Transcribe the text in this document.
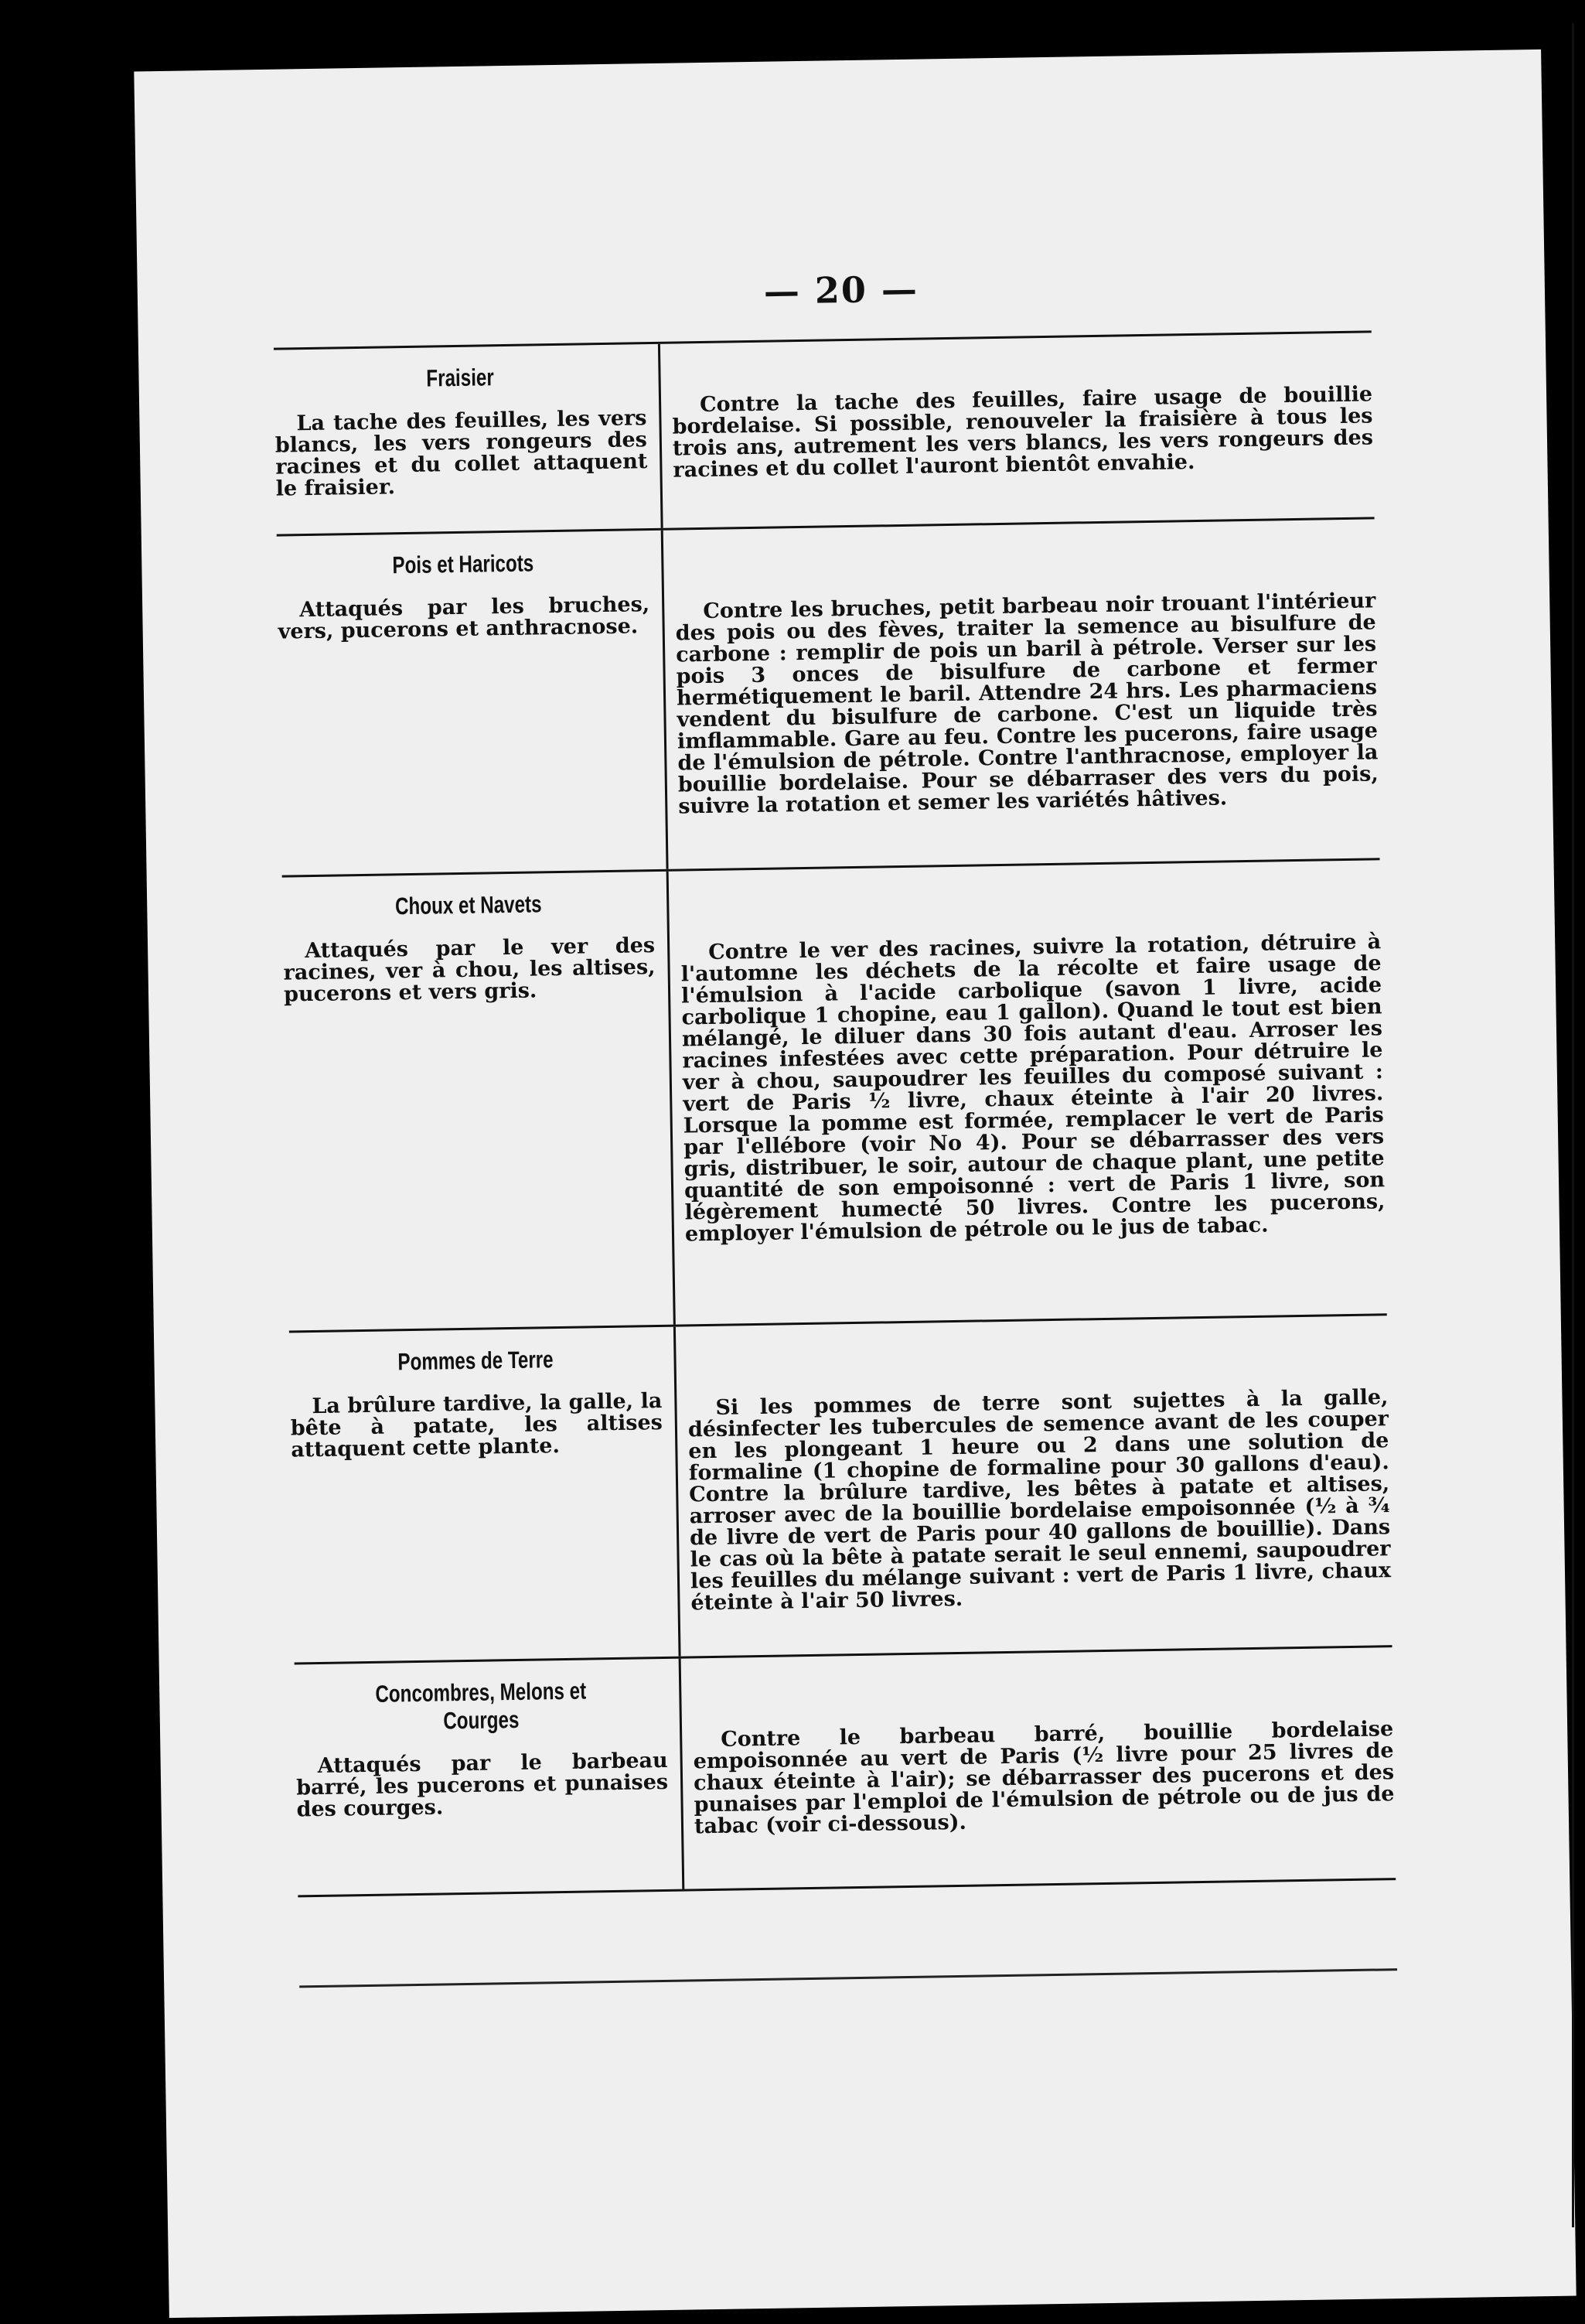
— 20 —
Fraisier
La tache des feuilles, les vers blancs, les vers rongeurs des racines et du collet attaquent le fraisier.
Contre la tache des feuilles, faire usage de bouillie bordelaise. Si possible, renouveler la fraisière à tous les trois ans, autrement les vers blancs, les vers rongeurs des racines et du collet l'auront bientôt envahie.
Pois et Haricots
Attaqués par les bruches, vers, pucerons et anthracnose.
Contre les bruches, petit barbeau noir trouant l'intérieur des pois ou des fèves, traiter la semence au bisulfure de carbone : remplir de pois un baril à pétrole. Verser sur les pois 3 onces de bisulfure de carbone et fermer hermétiquement le baril. Attendre 24 hrs. Les pharmaciens vendent du bisulfure de carbone. C'est un liquide très imflammable. Gare au feu. Contre les pucerons, faire usage de l'émulsion de pétrole. Contre l'anthracnose, employer la bouillie bordelaise. Pour se débarraser des vers du pois, suivre la rotation et semer les variétés hâtives.
Choux et Navets
Attaqués par le ver des racines, ver à chou, les altises, pucerons et vers gris.
Contre le ver des racines, suivre la rotation, détruire à l'automne les déchets de la récolte et faire usage de l'émulsion à l'acide carbolique (savon 1 livre, acide carbolique 1 chopine, eau 1 gallon). Quand le tout est bien mélangé, le diluer dans 30 fois autant d'eau. Arroser les racines infestées avec cette préparation. Pour détruire le ver à chou, saupoudrer les feuilles du composé suivant : vert de Paris ½ livre, chaux éteinte à l'air 20 livres. Lorsque la pomme est formée, remplacer le vert de Paris par l'ellébore (voir No 4). Pour se débarrasser des vers gris, distribuer, le soir, autour de chaque plant, une petite quantité de son empoisonné : vert de Paris 1 livre, son légèrement humecté 50 livres. Contre les pucerons, employer l'émulsion de pétrole ou le jus de tabac.
Pommes de Terre
La brûlure tardive, la galle, la bête à patate, les altises attaquent cette plante.
Si les pommes de terre sont sujettes à la galle, désinfecter les tubercules de semence avant de les couper en les plongeant 1 heure ou 2 dans une solution de formaline (1 chopine de formaline pour 30 gallons d'eau). Contre la brûlure tardive, les bêtes à patate et altises, arroser avec de la bouillie bordelaise empoisonnée (½ à ¾ de livre de vert de Paris pour 40 gallons de bouillie). Dans le cas où la bête à patate serait le seul ennemi, saupoudrer les feuilles du mélange suivant : vert de Paris 1 livre, chaux éteinte à l'air 50 livres.
Concombres, Melons et Courges
Attaqués par le barbeau barré, les pucerons et punaises des courges.
Contre le barbeau barré, bouillie bordelaise empoisonnée au vert de Paris (½ livre pour 25 livres de chaux éteinte à l'air); se débarrasser des pucerons et des punaises par l'emploi de l'émulsion de pétrole ou de jus de tabac (voir ci-dessous).
